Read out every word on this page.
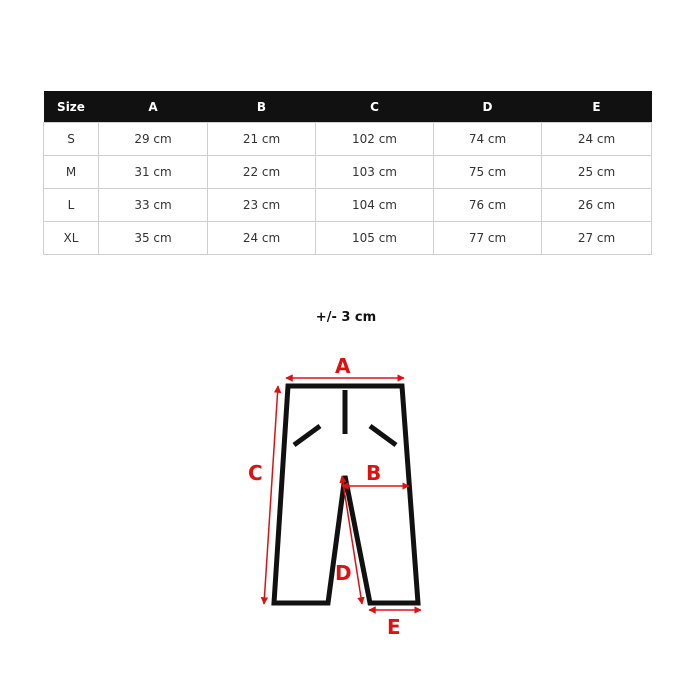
Size	A	B	C	D	E
S	29 cm	21 cm	102 cm	74 cm	24 cm
M	31 cm	22 cm	103 cm	75 cm	25 cm
L	33 cm	23 cm	104 cm	76 cm	26 cm
XL	35 cm	24 cm	105 cm	77 cm	27 cm
+/- 3 cm
A
B
C
D
E
